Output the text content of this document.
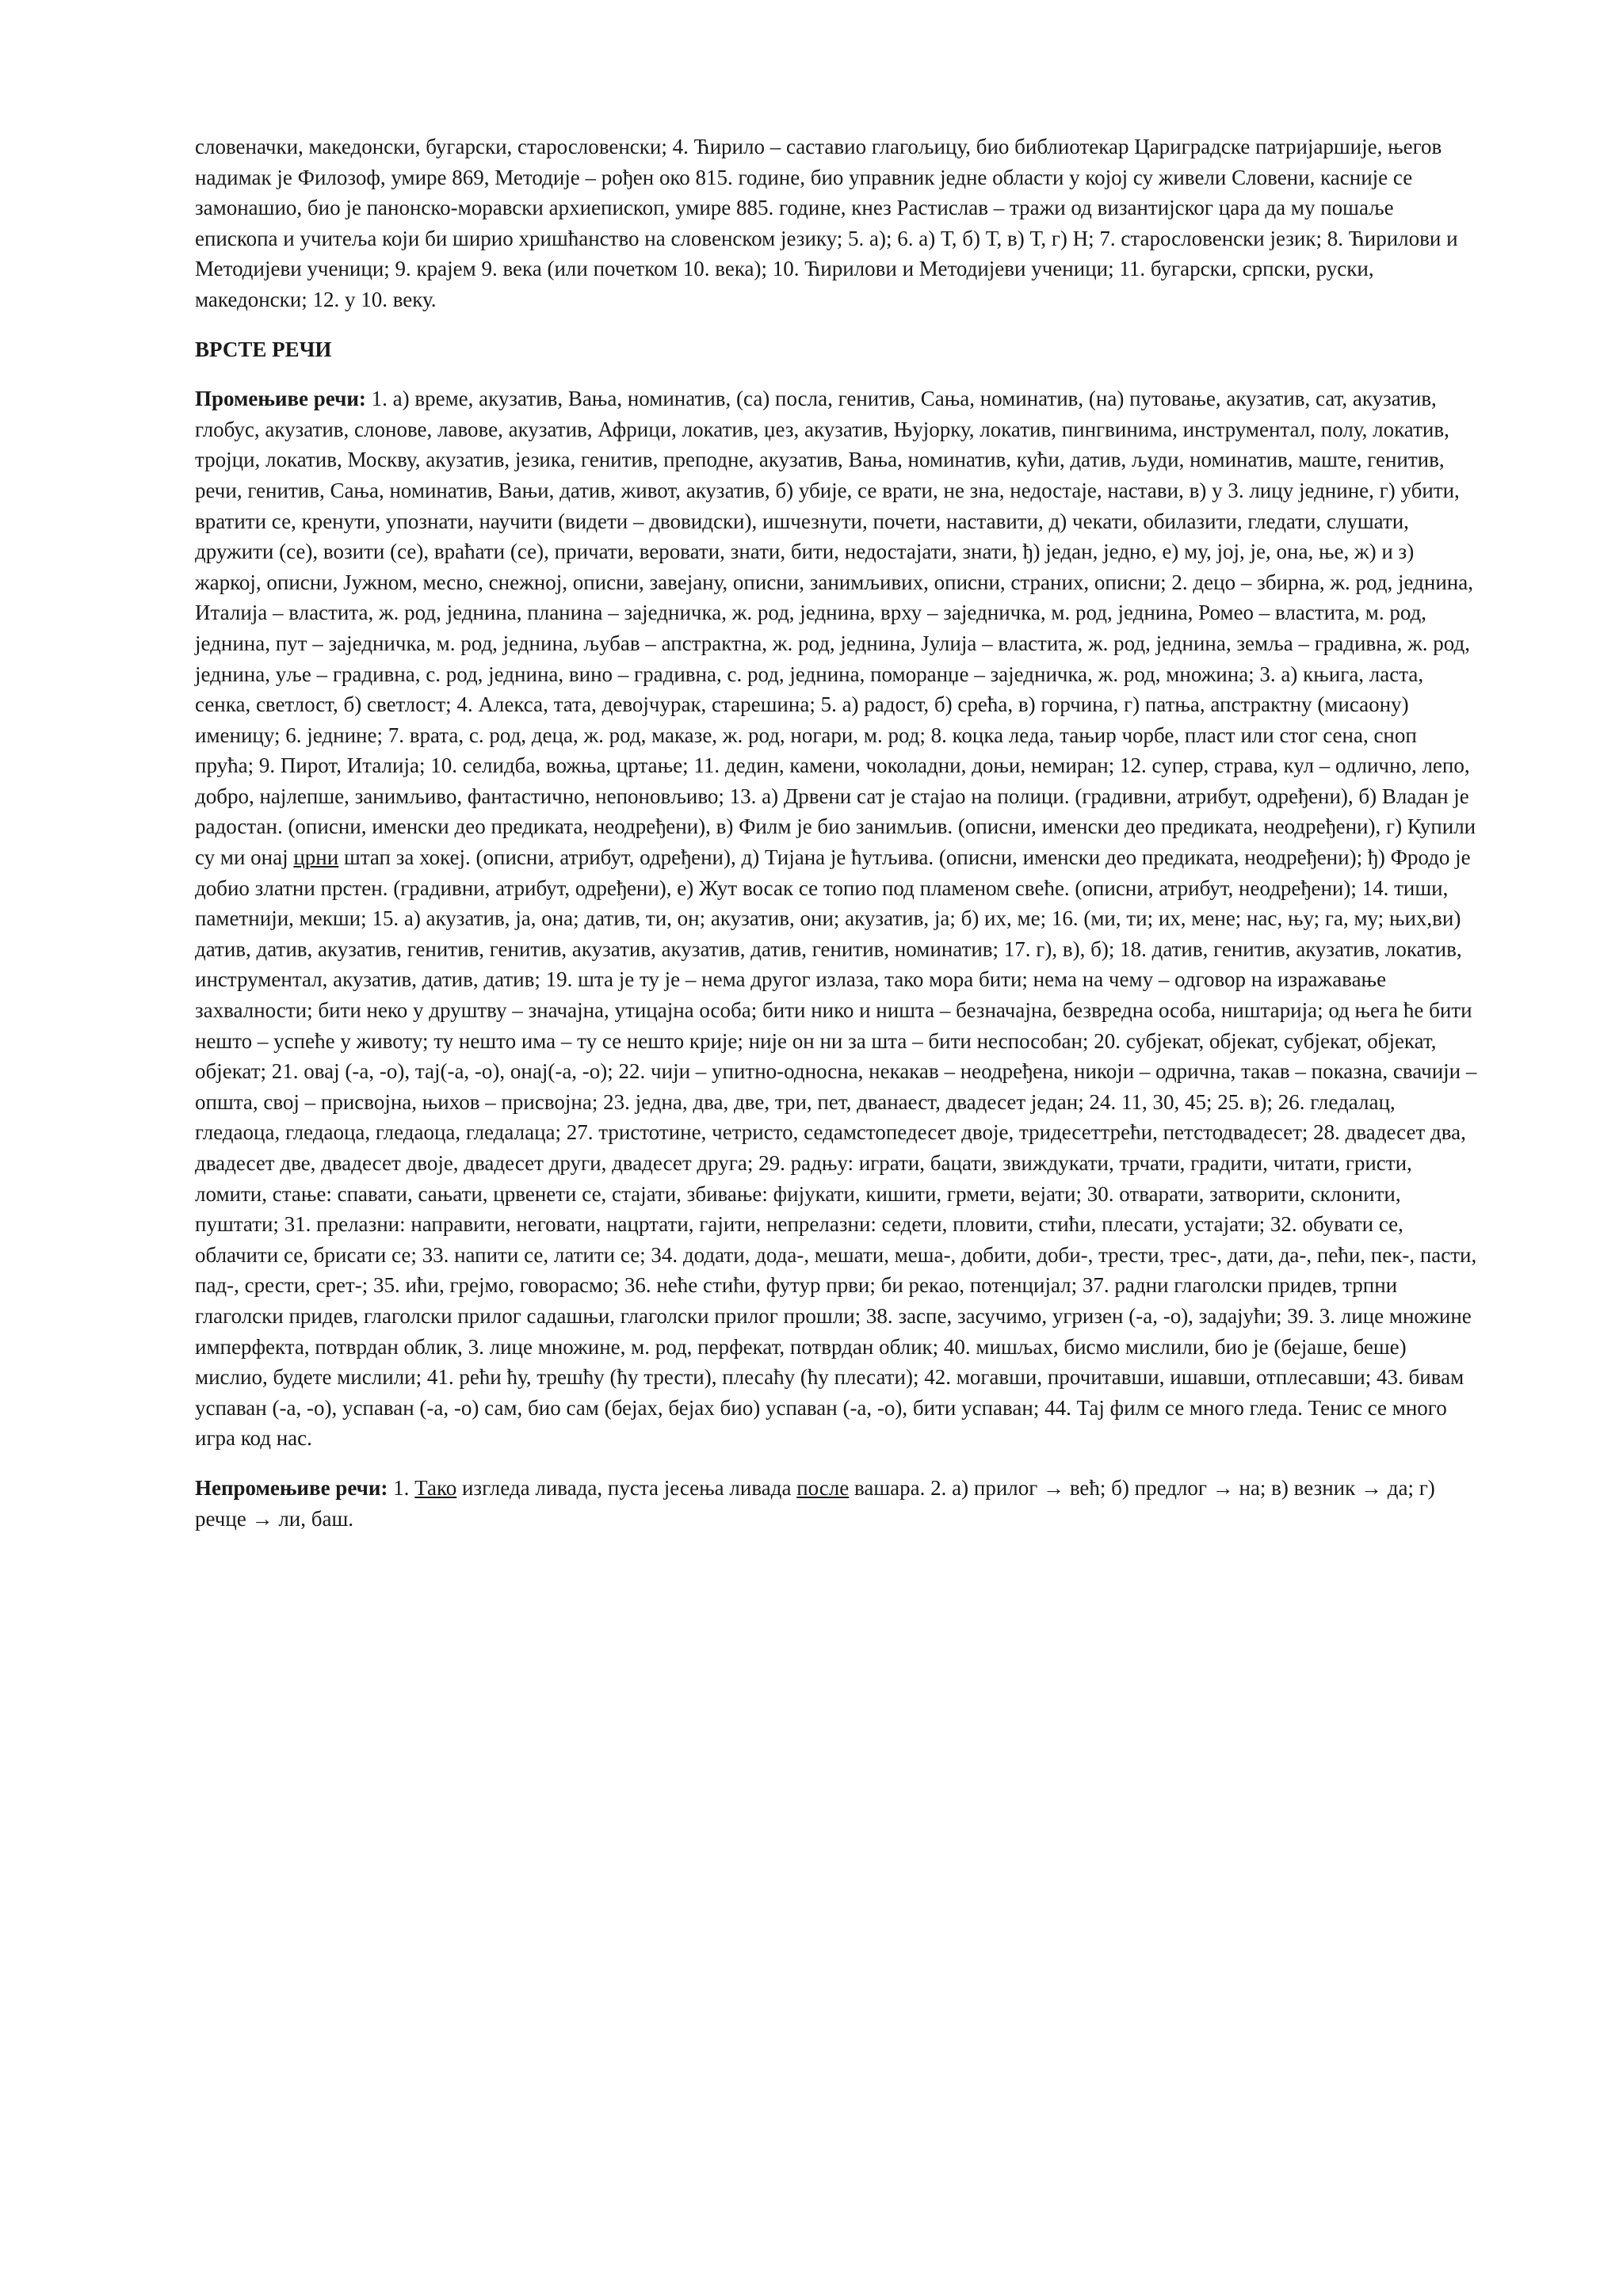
словеначки, македонски, бугарски, старословенски; 4. Ћирило – саставио глагољицу, био библиотекар Цариградске патријаршије, његов надимак је Филозоф, умире 869, Методије – рођен око 815. године, био управник једне области у којој су живели Словени, касније се замонашио, био је панонско-моравски архиепископ, умире 885. године, кнез Растислав – тражи од византијског цара да му пошаље епископа и учитеља који би ширио хришћанство на словенском језику; 5. а); 6. а) Т, б) Т, в) Т, г) Н; 7. старословенски језик; 8. Ћирилови и Методијеви ученици; 9. крајем 9. века (или почетком 10. века); 10. Ћирилови и Методијеви ученици; 11. бугарски, српски, руски, македонски; 12. у 10. веку.

ВРСТЕ РЕЧИ

Промењиве речи: 1. а) време, акузатив, Вања, номинатив, (са) посла, генитив, Сања, номинатив, (на) путовање, акузатив, сат, акузатив, глобус, акузатив, слонове, лавове, акузатив, Африци, локатив, џез, акузатив, Њујорку, локатив, пингвинима, инструментал, полу, локатив, тројци, локатив, Москву, акузатив, језика, генитив, преподне, акузатив, Вања, номинатив, кући, датив, људи, номинатив, маште, генитив, речи, генитив, Сања, номинатив, Вањи, датив, живот, акузатив, б) убије, се врати, не зна, недостаје, настави, в) у 3. лицу једнине, г) убити, вратити се, кренути, упознати, научити (видети – двовидски), ишчезнути, почети, наставити, д) чекати, обилазити, гледати, слушати, дружити (се), возити (се), враћати (се), причати, веровати, знати, бити, недостајати, знати, ђ) један, једно, е) му, јој, је, она, ње, ж) и з) жаркој, описни, Јужном, месно, снежној, описни, завејану, описни, занимљивих, описни, страних, описни; 2. децо – збирна, ж. род, једнина, Италија – властита, ж. род, једнина, планина – заједничка, ж. род, једнина, врху – заједничка, м. род, једнина, Ромео – властита, м. род, једнина, пут – заједничка, м. род, једнина, љубав – апстрактна, ж. род, једнина, Јулија – властита, ж. род, једнина, земља – градивна, ж. род, једнина, уље – градивна, с. род, једнина, вино – градивна, с. род, једнина, поморанџе – заједничка, ж. род, множина; 3. а) књига, ласта, сенка, светлост, б) светлост; 4. Алекса, тата, девојчурак, старешина; 5. а) радост, б) срећа, в) горчина, г) патња, апстрактну (мисаону) именицу; 6. једнине; 7. врата, с. род, деца, ж. род, маказе, ж. род, ногари, м. род; 8. коцка леда, тањир чорбе, пласт или стог сена, сноп прућа; 9. Пирот, Италија; 10. селидба, вожња, цртање; 11. дедин, камени, чоколадни, доњи, немиран; 12. супер, страва, кул – одлично, лепо, добро, најлепше, занимљиво, фантастично, непоновљиво; 13. а) Дрвени сат је стајао на полици. (градивни, атрибут, одређени), б) Владан је радостан. (описни, именски део предиката, неодређени), в) Филм је био занимљив. (описни, именски део предиката, неодређени), г) Купили су ми онај црни штап за хокеј. (описни, атрибут, одређени), д) Тијана је ћутљива. (описни, именски део предиката, неодређени); ђ) Фродо је добио златни прстен. (градивни, атрибут, одређени), е) Жут восак се топио под пламеном свеће. (описни, атрибут, неодређени); 14. тиши, паметнији, мекши; 15. а) акузатив, ја, она; датив, ти, он; акузатив, они; акузатив, ја; б) их, ме; 16. (ми, ти; их, мене; нас, њу; га, му; њих,ви) датив, датив, акузатив, генитив, генитив, акузатив, акузатив, датив, генитив, номинатив; 17. г), в), б); 18. датив, генитив, акузатив, локатив, инструментал, акузатив, датив, датив; 19. шта је ту је – нема другог излаза, тако мора бити; нема на чему – одговор на изражавање захвалности; бити неко у друштву – значајна, утицајна особа; бити нико и ништа – безначајна, безвредна особа, ништарија; од њега ће бити нешто – успеће у животу; ту нешто има – ту се нешто крије; није он ни за шта – бити неспособан; 20. субјекат, објекат, субјекат, објекат, објекат; 21. овај (-а, -о), тај(-а, -о), онај(-а, -о); 22. чији – упитно-односна, некакав – неодређена, никоји – одрична, такав – показна, свачији – општа, свој – присвојна, њихов – присвојна; 23. једна, два, две, три, пет, дванаест, двадесет један; 24. 11, 30, 45; 25. в); 26. гледалац, гледаоца, гледаоца, гледаоца, гледалаца; 27. тристотине, четристо, седамстопедесет двоје, тридесеттрећи, петстодвадесет; 28. двадесет два, двадесет две, двадесет двоје, двадесет други, двадесет друга; 29. радњу: играти, бацати, звиждукати, трчати, градити, читати, гристи, ломити, стање: спавати, сањати, црвенети се, стајати, збивање: фијукати, кишити, грмети, вејати; 30. отварати, затворити, склонити, пуштати; 31. прелазни: направити, неговати, нацртати, гајити, непрелазни: седети, пловити, стићи, плесати, устајати; 32. обувати се, облачити се, брисати се; 33. напити се, латити се; 34. додати, дода-, мешати, меша-, добити, доби-, трести, трес-, дати, да-, пећи, пек-, пасти, пад-, срести, срет-; 35. ићи, грејмо, говорасмо; 36. неће стићи, футур први; би рекао, потенцијал; 37. радни глаголски придев, трпни глаголски придев, глаголски прилог садашњи, глаголски прилог прошли; 38. заспе, засучимо, угризен (-а, -о), задајући; 39. 3. лице множине имперфекта, потврдан облик, 3. лице множине, м. род, перфекат, потврдан облик; 40. мишљах, бисмо мислили, био је (бејаше, беше) мислио, будете мислили; 41. рећи ћу, трешћу (ћу трести), плесаћу (ћу плесати); 42. могавши, прочитавши, ишавши, отплесавши; 43. бивам успаван (-а, -о), успаван (-а, -о) сам, био сам (бејах, бејах био) успаван (-а, -о), бити успаван; 44. Тај филм се много гледа. Тенис се много игра код нас.

Непромењиве речи: 1. Тако изгледа ливада, пуста јесења ливада после вашара. 2. а) прилог → већ; б) предлог → на; в) везник → да; г) речце → ли, баш.
